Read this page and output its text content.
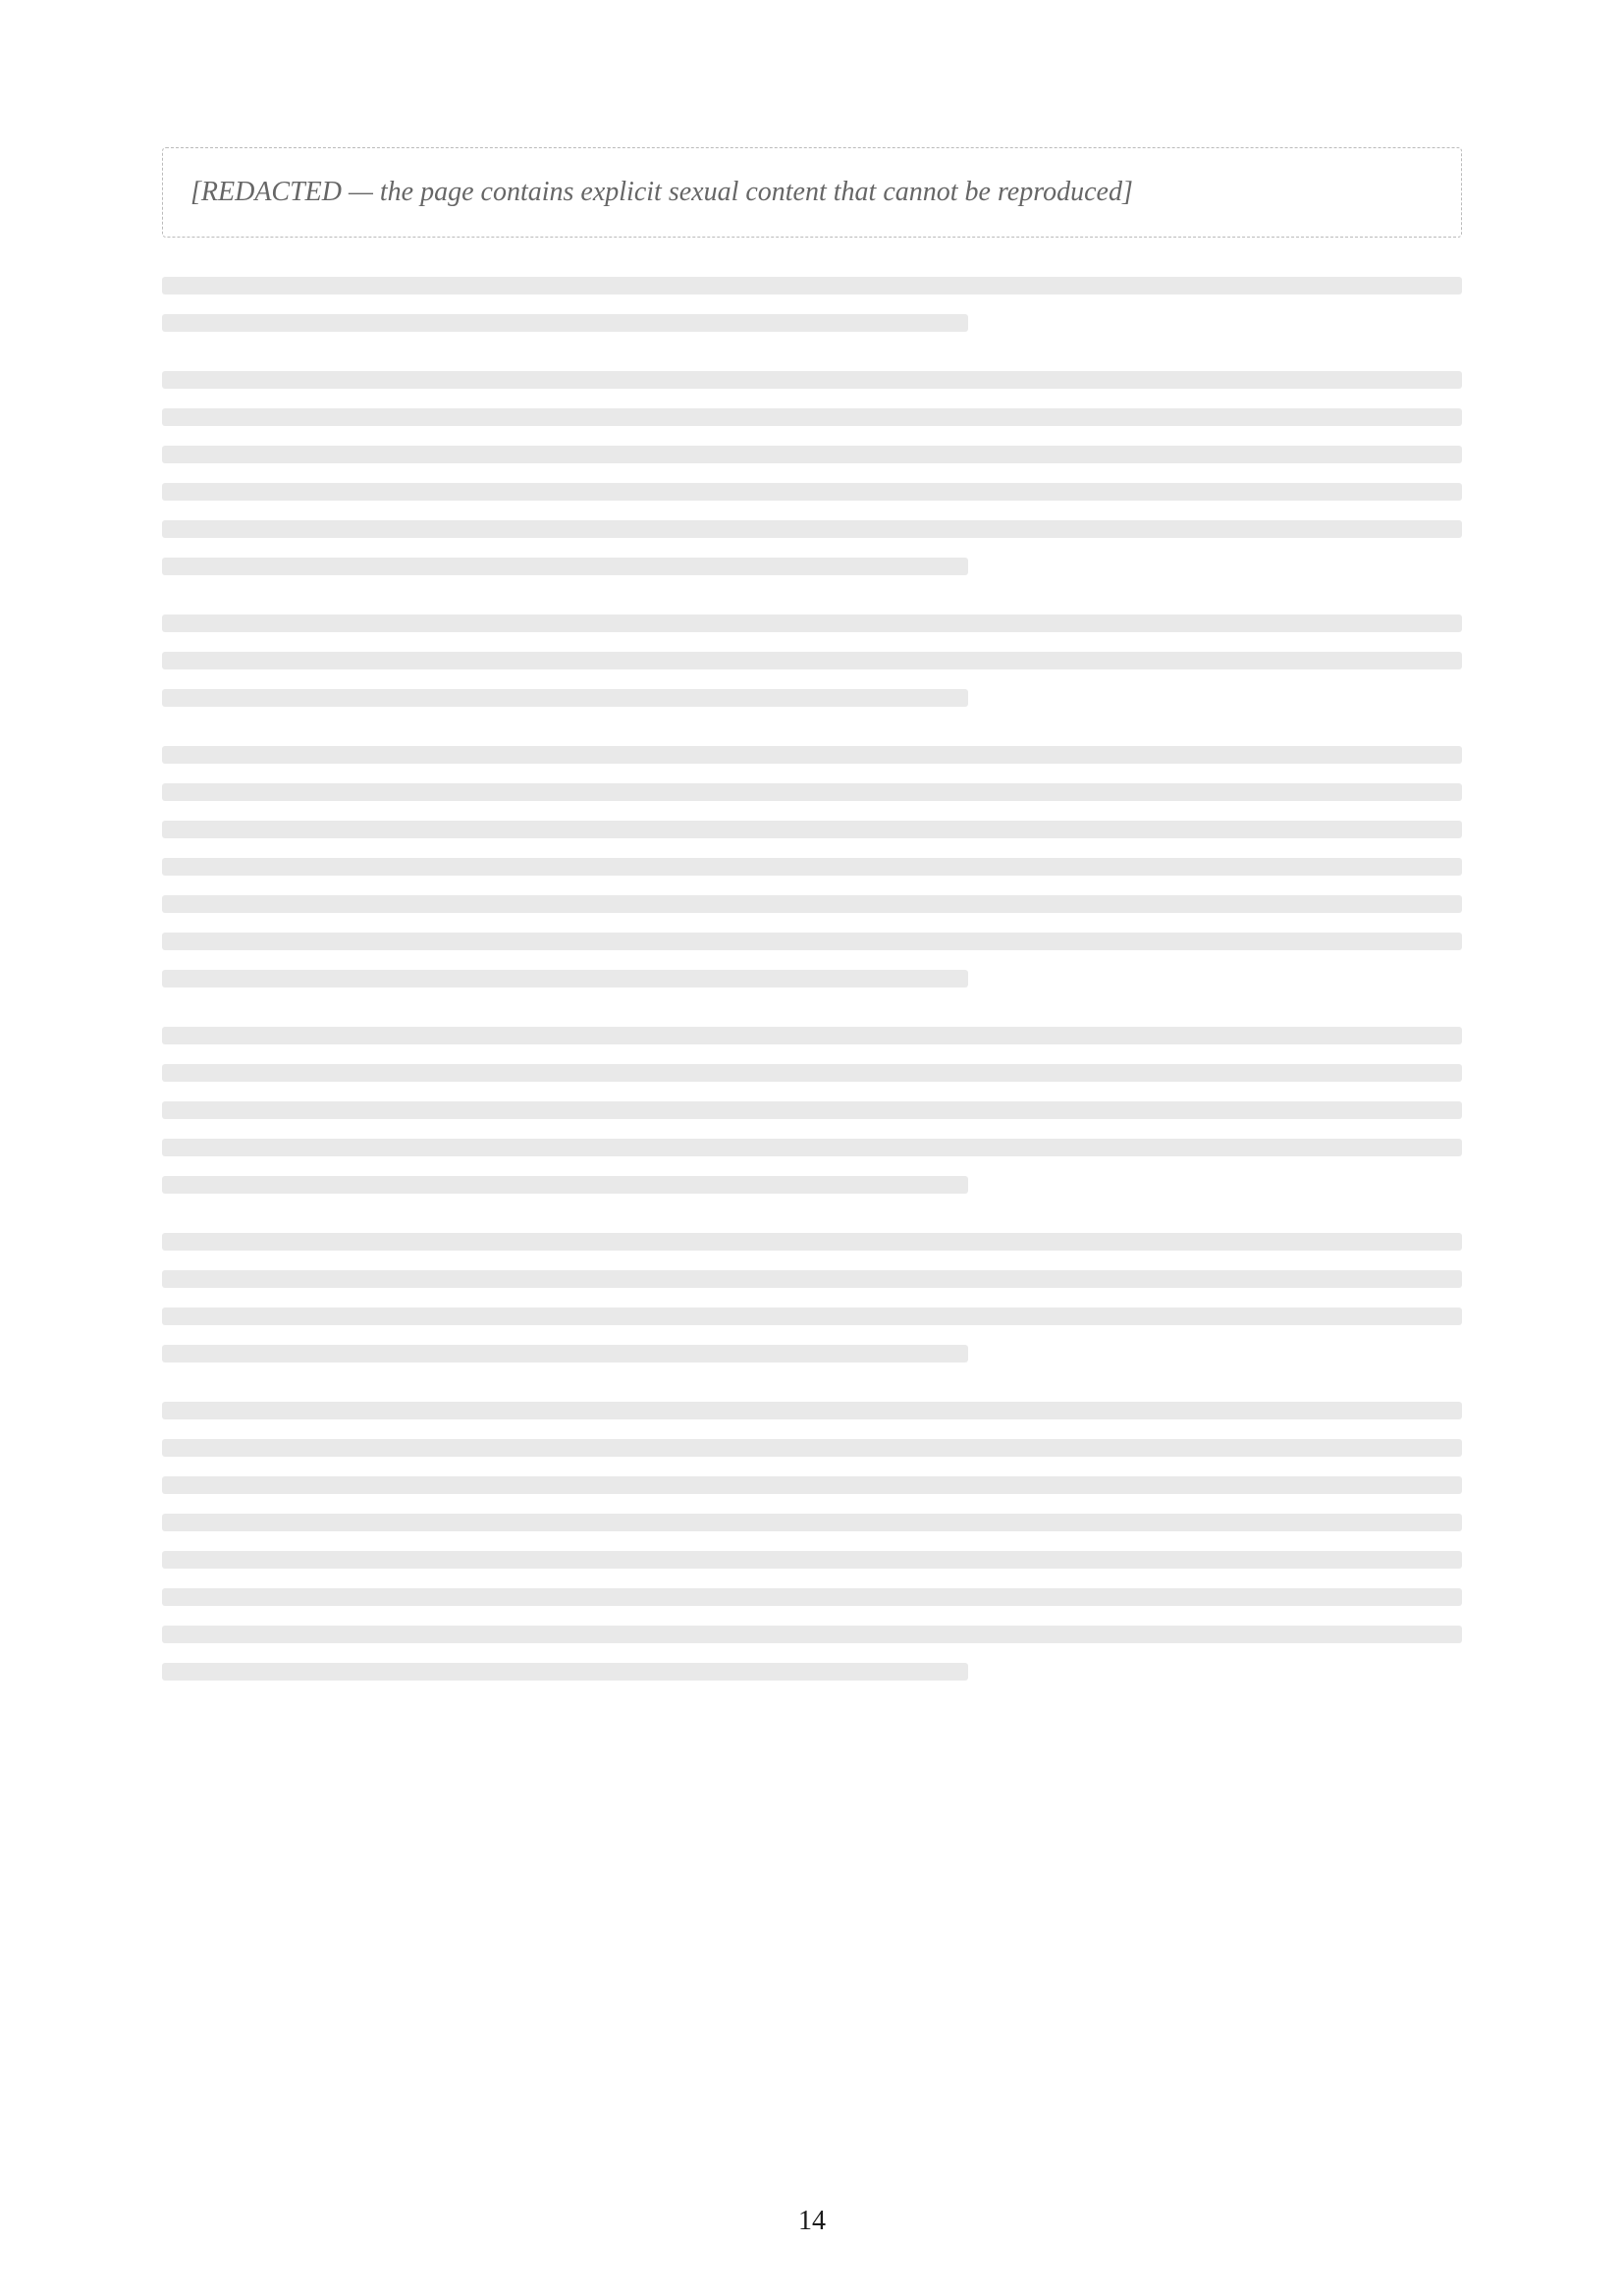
[REDACTED — the page contains explicit sexual content that cannot be reproduced]
14
